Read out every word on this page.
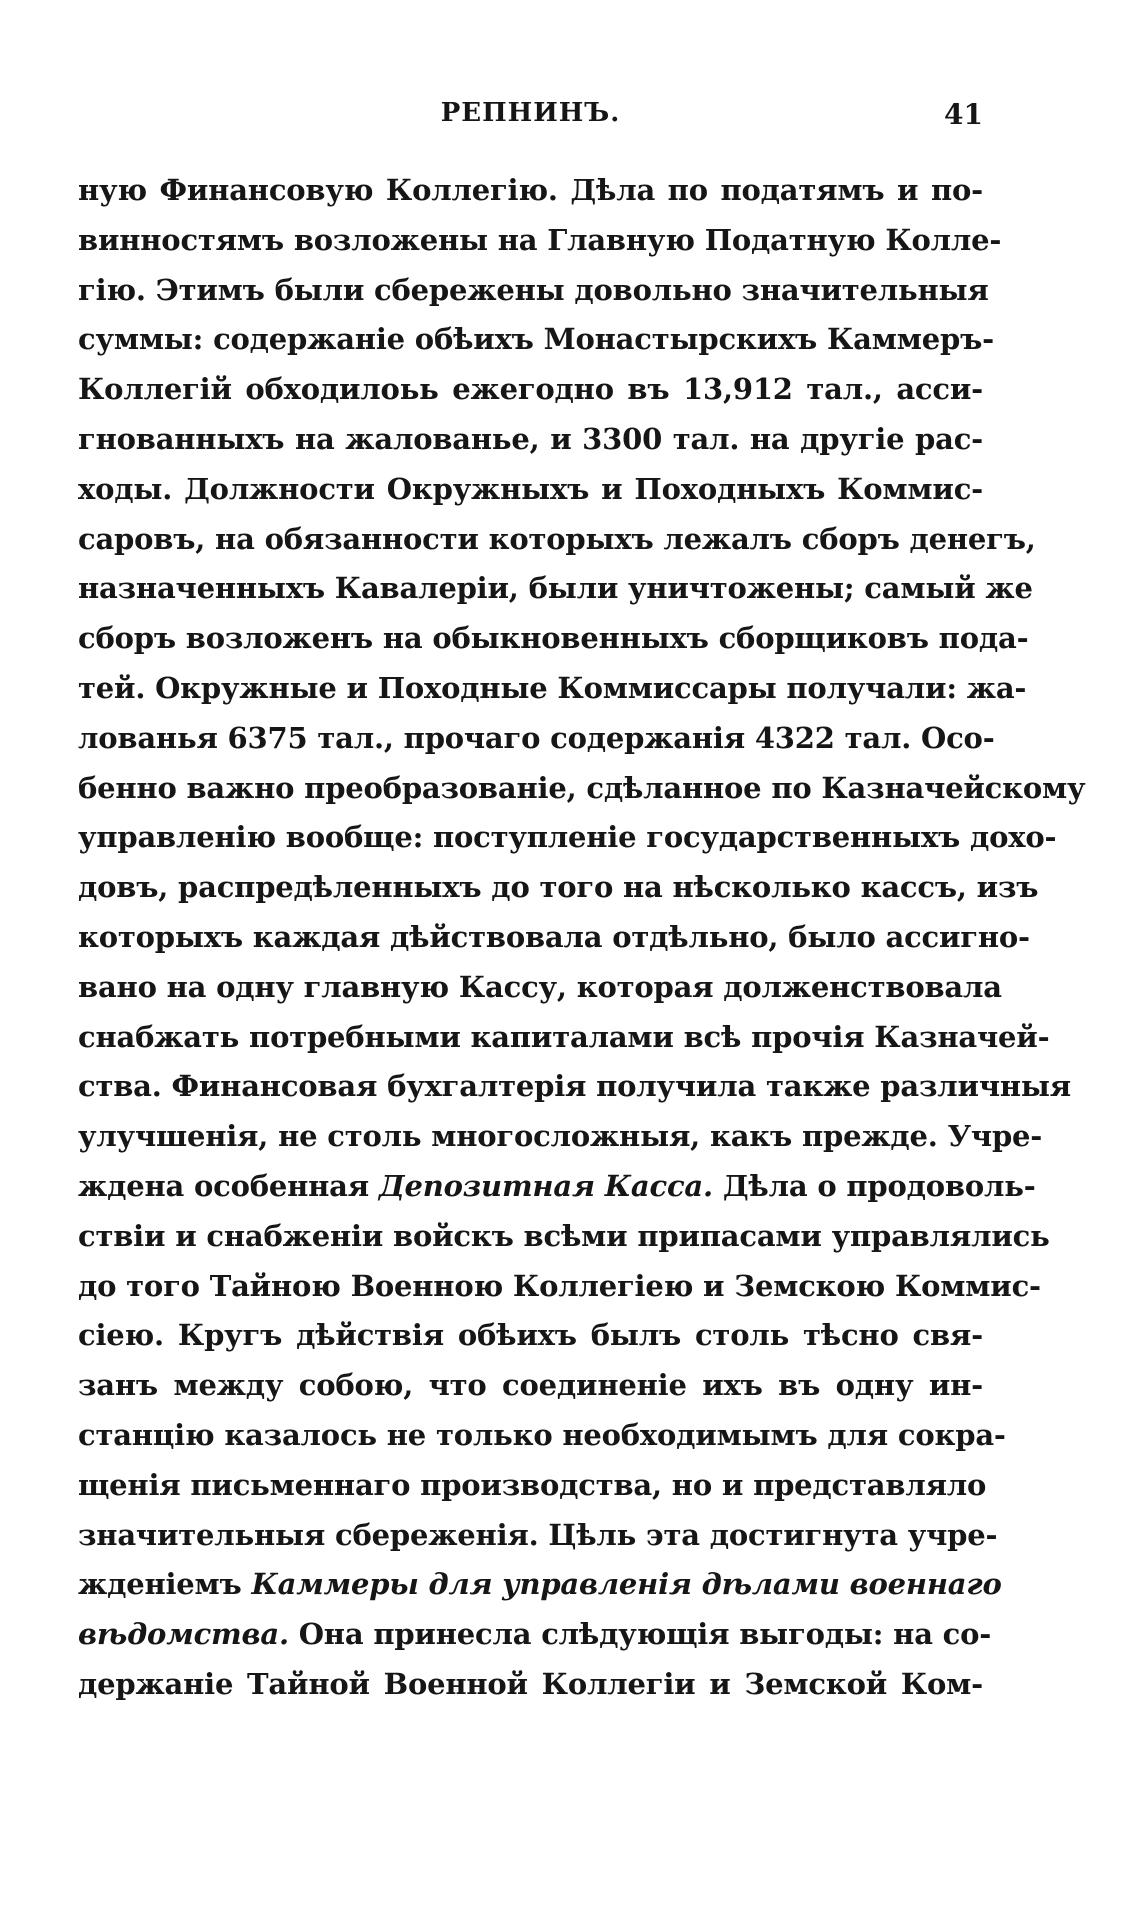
РЕПНИНЪ.	41
ную Финансовую Коллегію. Дѣла по податямъ и по-
винностямъ возложены на Главную Податную Колле-
гію. Этимъ были сбережены довольно значительныя
суммы: содержаніе обѣихъ Монастырскихъ Каммеръ-
Коллегій обходилоьь ежегодно въ 13,912 тал., асси-
гнованныхъ на жалованье, и 3300 тал. на другіе рас-
ходы. Должности Окружныхъ и Походныхъ Коммис-
саровъ, на обязанности которыхъ лежалъ сборъ денегъ,
назначенныхъ Кавалеріи, были уничтожены; самый же
сборъ возложенъ на обыкновенныхъ сборщиковъ пода-
тей. Окружные и Походные Коммиссары получали: жа-
лованья 6375 тал., прочаго содержанія 4322 тал. Осо-
бенно важно преобразованіе, сдѣланное по Казначейскому
управленію вообще: поступленіе государственныхъ дохо-
довъ, распредѣленныхъ до того на нѣсколько кассъ, изъ
которыхъ каждая дѣйствовала отдѣльно, было ассигно-
вано на одну главную Кассу, которая долженствовала
снабжать потребными капиталами всѣ прочія Казначей-
ства. Финансовая бухгалтерія получила также различныя
улучшенія, не столь многосложныя, какъ прежде. Учре-
ждена особенная Депозитная Касса. Дѣла о продоволь-
ствіи и снабженіи войскъ всѣми припасами управлялись
до того Тайною Военною Коллегіею и Земскою Коммис-
сіею. Кругъ дѣйствія обѣихъ былъ столь тѣсно свя-
занъ между собою, что соединеніе ихъ въ одну ин-
станцію казалось не только необходимымъ для сокра-
щенія письменнаго производства, но и представляло
значительныя сбереженія. Цѣль эта достигнута учре-
жденіемъ Каммеры для управленія дѣлами военнаго
вѣдомства. Она принесла слѣдующія выгоды: на со-
держаніе Тайной Военной Коллегіи и Земской Ком-
